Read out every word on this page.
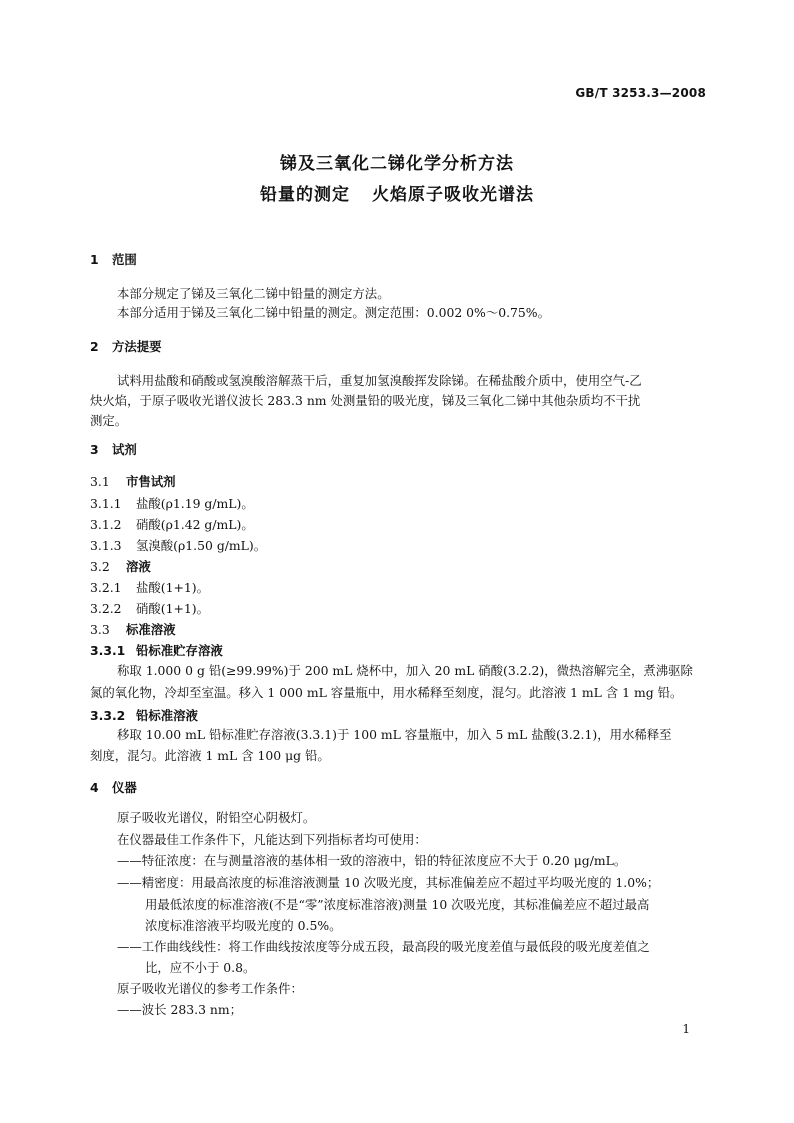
GB/T 3253.3—2008
锑及三氧化二锑化学分析方法
铅量的测定 火焰原子吸收光谱法
1 范围
本部分规定了锑及三氧化二锑中铅量的测定方法。
本部分适用于锑及三氧化二锑中铅量的测定。测定范围：0.002 0%～0.75%。
2 方法提要
试料用盐酸和硝酸或氢溴酸溶解蒸干后，重复加氢溴酸挥发除锑。在稀盐酸介质中，使用空气-乙
炔火焰，于原子吸收光谱仪波长 283.3 nm 处测量铅的吸光度，锑及三氧化二锑中其他杂质均不干扰
测定。
3 试剂
3.1 市售试剂
3.1.1 盐酸(ρ1.19 g/mL)。
3.1.2 硝酸(ρ1.42 g/mL)。
3.1.3 氢溴酸(ρ1.50 g/mL)。
3.2 溶液
3.2.1 盐酸(1+1)。
3.2.2 硝酸(1+1)。
3.3 标准溶液
3.3.1 铅标准贮存溶液
称取 1.000 0 g 铅(≥99.99%)于 200 mL 烧杯中，加入 20 mL 硝酸(3.2.2)，微热溶解完全，煮沸驱除
氮的氧化物，冷却至室温。移入 1 000 mL 容量瓶中，用水稀释至刻度，混匀。此溶液 1 mL 含 1 mg 铅。
3.3.2 铅标准溶液
移取 10.00 mL 铅标准贮存溶液(3.3.1)于 100 mL 容量瓶中，加入 5 mL 盐酸(3.2.1)，用水稀释至
刻度，混匀。此溶液 1 mL 含 100 μg 铅。
4 仪器
原子吸收光谱仪，附铅空心阴极灯。
在仪器最佳工作条件下，凡能达到下列指标者均可使用：
——特征浓度：在与测量溶液的基体相一致的溶液中，铅的特征浓度应不大于 0.20 μg/mL。
——精密度：用最高浓度的标准溶液测量 10 次吸光度，其标准偏差应不超过平均吸光度的 1.0%；
用最低浓度的标准溶液(不是“零”浓度标准溶液)测量 10 次吸光度，其标准偏差应不超过最高
浓度标准溶液平均吸光度的 0.5%。
——工作曲线线性：将工作曲线按浓度等分成五段，最高段的吸光度差值与最低段的吸光度差值之
比，应不小于 0.8。
原子吸收光谱仪的参考工作条件：
——波长 283.3 nm；
1
